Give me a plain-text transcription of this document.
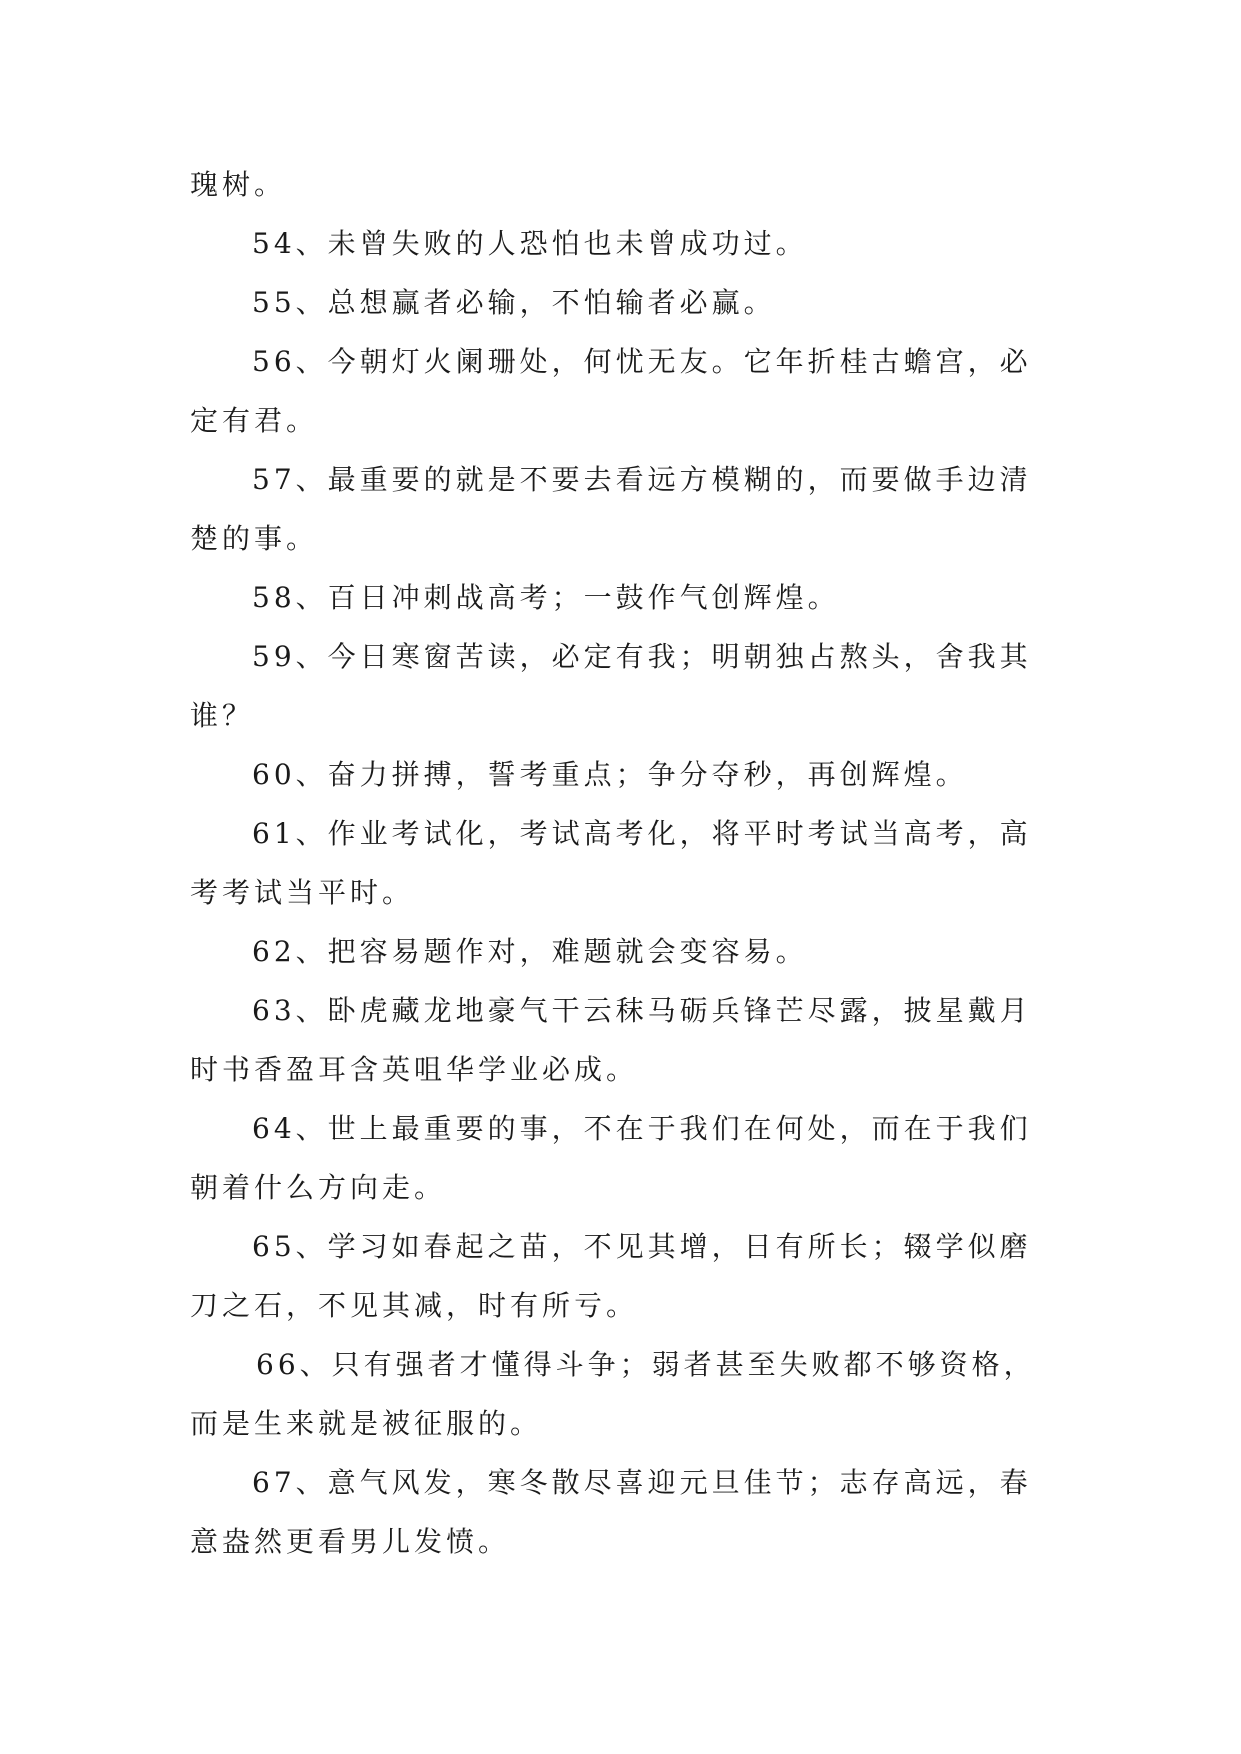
瑰树。
54、未曾失败的人恐怕也未曾成功过。
55、总想赢者必输，不怕输者必赢。
56、今朝灯火阑珊处，何忧无友。它年折桂古蟾宫，必
定有君。
57、最重要的就是不要去看远方模糊的，而要做手边清
楚的事。
58、百日冲刺战高考；一鼓作气创辉煌。
59、今日寒窗苦读，必定有我；明朝独占熬头，舍我其
谁？
60、奋力拼搏，誓考重点；争分夺秒，再创辉煌。
61、作业考试化，考试高考化，将平时考试当高考，高
考考试当平时。
62、把容易题作对，难题就会变容易。
63、卧虎藏龙地豪气干云秣马砺兵锋芒尽露，披星戴月
时书香盈耳含英咀华学业必成。
64、世上最重要的事，不在于我们在何处，而在于我们
朝着什么方向走。
65、学习如春起之苗，不见其增，日有所长；辍学似磨
刀之石，不见其减，时有所亏。
66、只有强者才懂得斗争；弱者甚至失败都不够资格，
而是生来就是被征服的。
67、意气风发，寒冬散尽喜迎元旦佳节；志存高远，春
意盎然更看男儿发愤。
